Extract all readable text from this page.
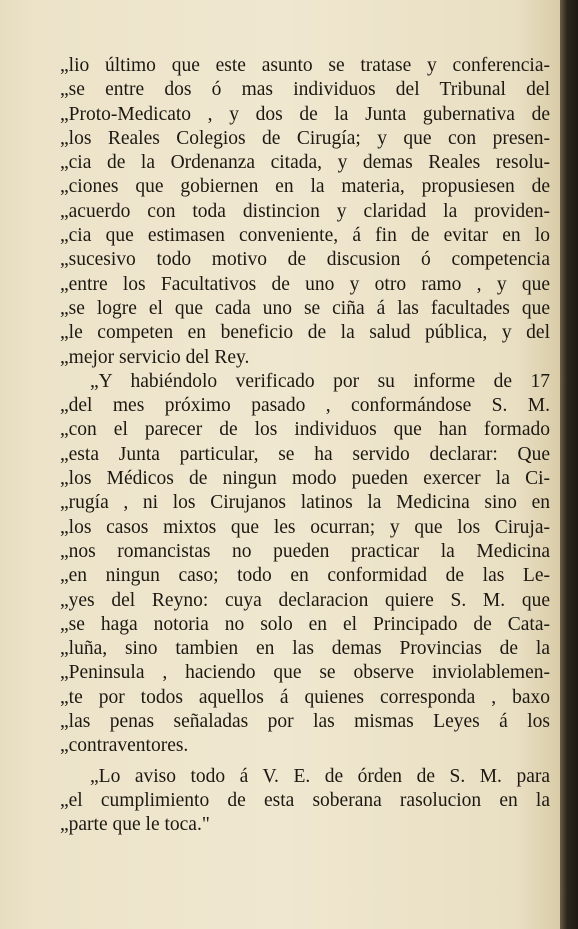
„lio último que este asunto se tratase y conferencia-
„se entre dos ó mas individuos del Tribunal del
„Proto-Medicato , y dos de la Junta gubernativa de
„los Reales Colegios de Cirugía; y que con presen-
„cia de la Ordenanza citada, y demas Reales resolu-
„ciones que gobiernen en la materia, propusiesen de
„acuerdo con toda distincion y claridad la providen-
„cia que estimasen conveniente, á fin de evitar en lo
„sucesivo todo motivo de discusion ó competencia
„entre los Facultativos de uno y otro ramo , y que
„se logre el que cada uno se ciña á las facultades que
„le competen en beneficio de la salud pública, y del
„mejor servicio del Rey.
„Y habiéndolo verificado por su informe de 17
„del mes próximo pasado , conformándose S. M.
„con el parecer de los individuos que han formado
„esta Junta particular, se ha servido declarar: Que
„los Médicos de ningun modo pueden exercer la Ci-
„rugía , ni los Cirujanos latinos la Medicina sino en
„los casos mixtos que les ocurran; y que los Ciruja-
„nos romancistas no pueden practicar la Medicina
„en ningun caso; todo en conformidad de las Le-
„yes del Reyno: cuya declaracion quiere S. M. que
„se haga notoria no solo en el Principado de Cata-
„luña, sino tambien en las demas Provincias de la
„Peninsula , haciendo que se observe inviolablemen-
„te por todos aquellos á quienes corresponda , baxo
„las penas señaladas por las mismas Leyes á los
„contraventores.
„Lo aviso todo á V. E. de órden de S. M. para
„el cumplimiento de esta soberana rasolucion en la
„parte que le toca."
